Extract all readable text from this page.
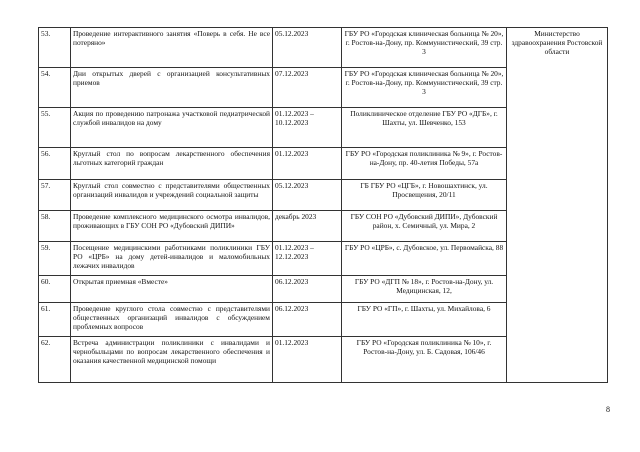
53.	Проведение интерактивного занятия «Поверь в себя. Не все потеряно»	05.12.2023	ГБУ РО «Городская клиническая больница № 20», г. Ростов-на-Дону, пр. Коммунистический, 39 стр. 3	Министерство здравоохранения Ростовской области
54.	Дни открытых дверей с организацией консультативных приемов	07.12.2023	ГБУ РО «Городская клиническая больница № 20», г. Ростов-на-Дону, пр. Коммунистический, 39 стр. 3	
55.	Акция по проведению патронажа участковой педиатрической службой инвалидов на дому	01.12.2023 – 10.12.2023	Поликлиническое отделение ГБУ РО «ДГБ», г. Шахты, ул. Шевченко, 153	
56.	Круглый стол по вопросам лекарственного обеспечения льготных категорий граждан	01.12.2023	ГБУ РО «Городская поликлиника № 9», г. Ростов-на-Дону, пр. 40-летия Победы, 57а	
57.	Круглый стол совместно с представителями общественных организаций инвалидов и учреждений социальной защиты	05.12.2023	ГБ ГБУ РО «ЦГБ», г. Новошахтинск, ул. Просвещения, 20/11	
58.	Проведение комплексного медицинского осмотра инвалидов, проживающих в ГБУ СОН РО «Дубовский ДИПИ»	декабрь 2023	ГБУ СОН РО «Дубовский ДИПИ», Дубовский район, х. Семичный, ул. Мира, 2	
59.	Посещение медицинскими работниками поликлиники ГБУ РО «ЦРБ» на дому детей-инвалидов и маломобильных лежачих инвалидов	01.12.2023 – 12.12.2023	ГБУ РО «ЦРБ», с. Дубовское, ул. Первомайска, 88	
60.	Открытая приемная «Вместе»	06.12.2023	ГБУ РО «ДГП № 18», г. Ростов-на-Дону, ул. Медицинская, 12,	
61.	Проведение круглого стола совместно с представителями общественных организаций инвалидов с обсуждением проблемных вопросов	06.12.2023	ГБУ РО «ГП», г. Шахты, ул. Михайлова, 6	
62.	Встреча администрации поликлиники с инвалидами и чернобыльцами по вопросам лекарственного обеспечения и оказания качественной медицинской помощи	01.12.2023	ГБУ РО «Городская поликлиника № 10», г. Ростов-на-Дону, ул. Б. Садовая, 106/46	
8
